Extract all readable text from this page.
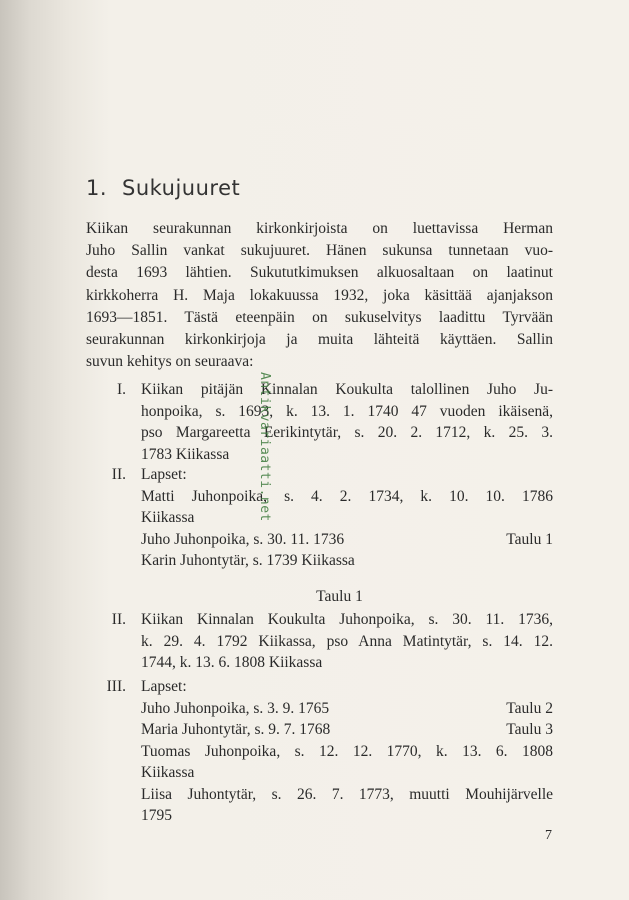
1. Sukujuuret
Kiikan seurakunnan kirkonkirjoista on luettavissa Herman
Juho Sallin vankat sukujuuret. Hänen sukunsa tunnetaan vuo-
desta 1693 lähtien. Sukututkimuksen alkuosaltaan on laatinut
kirkkoherra H. Maja lokakuussa 1932, joka käsittää ajanjakson
1693—1851. Tästä eteenpäin on sukuselvitys laadittu Tyrvään
seurakunnan kirkonkirjoja ja muita lähteitä käyttäen. Sallin
suvun kehitys on seuraava:
I. Kiikan pitäjän Kinnalan Koukulta talollinen Juho Ju-
honpoika, s. 1693, k. 13. 1. 1740 47 vuoden ikäisenä,
pso Margareetta Eerikintytär, s. 20. 2. 1712, k. 25. 3.
1783 Kiikassa
II. Lapset:
Matti Juhonpoika, s. 4. 2. 1734, k. 10. 10. 1786
Kiikassa
Juho Juhonpoika, s. 30. 11. 1736	Taulu 1
Karin Juhontytär, s. 1739 Kiikassa
Taulu 1
II. Kiikan Kinnalan Koukulta Juhonpoika, s. 30. 11. 1736,
k. 29. 4. 1792 Kiikassa, pso Anna Matintytär, s. 14. 12.
1744, k. 13. 6. 1808 Kiikassa
III. Lapset:
Juho Juhonpoika, s. 3. 9. 1765	Taulu 2
Maria Juhontytär, s. 9. 7. 1768	Taulu 3
Tuomas Juhonpoika, s. 12. 12. 1770, k. 13. 6. 1808
Kiikassa
Liisa Juhontytär, s. 26. 7. 1773, muutti Mouhijärvelle
1795
7
Antikvariaatti.net
